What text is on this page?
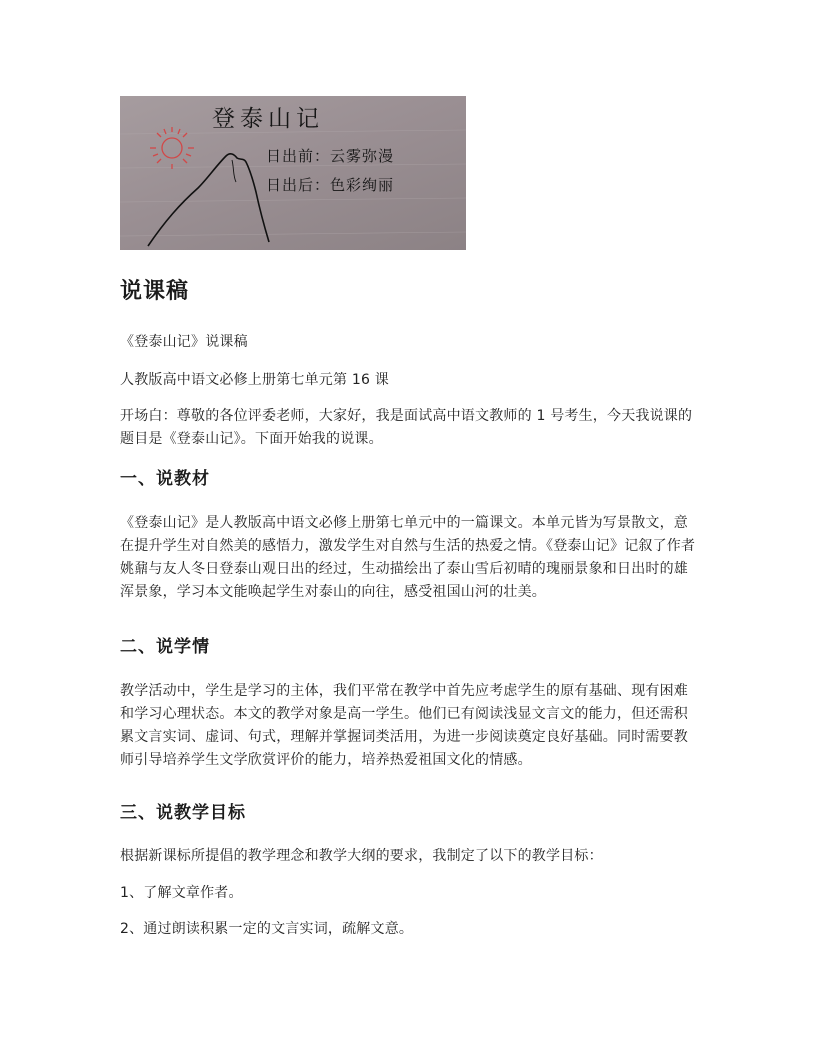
登泰山记
日出前：云雾弥漫
日出后：色彩绚丽
说课稿

《登泰山记》说课稿

人教版高中语文必修上册第七单元第 16 课

开场白：尊敬的各位评委老师，大家好，我是面试高中语文教师的 1 号考生，今天我说课的题目是《登泰山记》。下面开始我的说课。

一、说教材

《登泰山记》是人教版高中语文必修上册第七单元中的一篇课文。本单元皆为写景散文，意在提升学生对自然美的感悟力，激发学生对自然与生活的热爱之情。《登泰山记》记叙了作者姚鼐与友人冬日登泰山观日出的经过，生动描绘出了泰山雪后初晴的瑰丽景象和日出时的雄浑景象，学习本文能唤起学生对泰山的向往，感受祖国山河的壮美。

二、说学情

教学活动中，学生是学习的主体，我们平常在教学中首先应考虑学生的原有基础、现有困难和学习心理状态。本文的教学对象是高一学生。他们已有阅读浅显文言文的能力，但还需积累文言实词、虚词、句式，理解并掌握词类活用，为进一步阅读奠定良好基础。同时需要教师引导培养学生文学欣赏评价的能力，培养热爱祖国文化的情感。

三、说教学目标

根据新课标所提倡的教学理念和教学大纲的要求，我制定了以下的教学目标：

1、了解文章作者。

2、通过朗读积累一定的文言实词，疏解文意。
